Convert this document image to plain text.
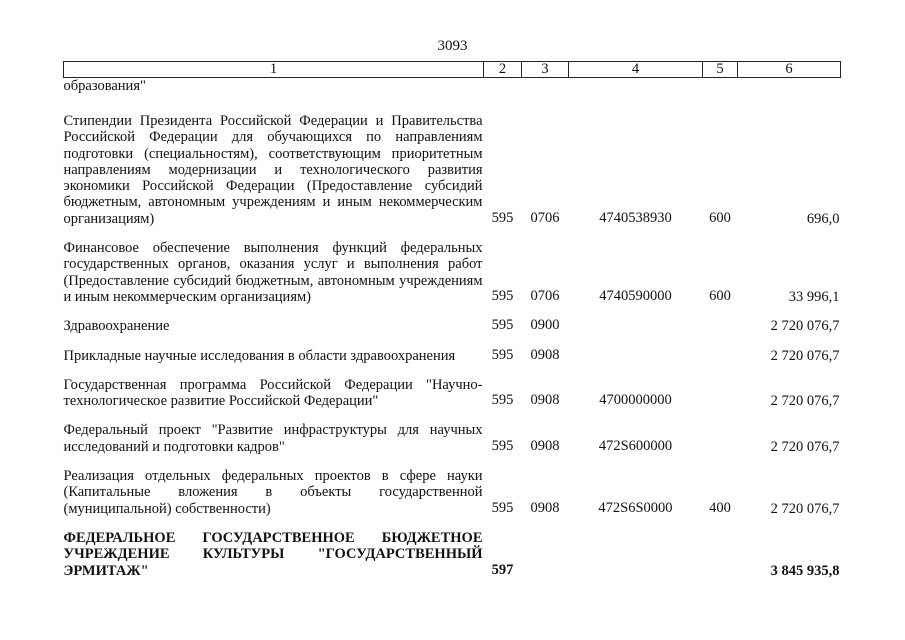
3093
1	2	3	4	5	6
образования"					
Стипендии Президента Российской Федерации и Правительства Российской Федерации для обучающихся по направлениям подготовки (специальностям), соответствующим приоритетным направлениям модернизации и технологического развития экономики Российской Федерации (Предоставление субсидий бюджетным, автономным учреждениям и иным некоммерческим организациям)	595	0706	4740538930	600	696,0
Финансовое обеспечение выполнения функций федеральных государственных органов, оказания услуг и выполнения работ (Предоставление субсидий бюджетным, автономным учреждениям и иным некоммерческим организациям)	595	0706	4740590000	600	33 996,1
Здравоохранение	595	0900			2 720 076,7
Прикладные научные исследования в области здравоохранения	595	0908			2 720 076,7
Государственная программа Российской Федерации "Научно-технологическое развитие Российской Федерации"	595	0908	4700000000		2 720 076,7
Федеральный проект "Развитие инфраструктуры для научных исследований и подготовки кадров"	595	0908	472S600000		2 720 076,7
Реализация отдельных федеральных проектов в сфере науки (Капитальные вложения в объекты государственной (муниципальной) собственности)	595	0908	472S6S0000	400	2 720 076,7
ФЕДЕРАЛЬНОЕ ГОСУДАРСТВЕННОЕ БЮДЖЕТНОЕ УЧРЕЖДЕНИЕ КУЛЬТУРЫ "ГОСУДАРСТВЕННЫЙ ЭРМИТАЖ"	597				3 845 935,8
